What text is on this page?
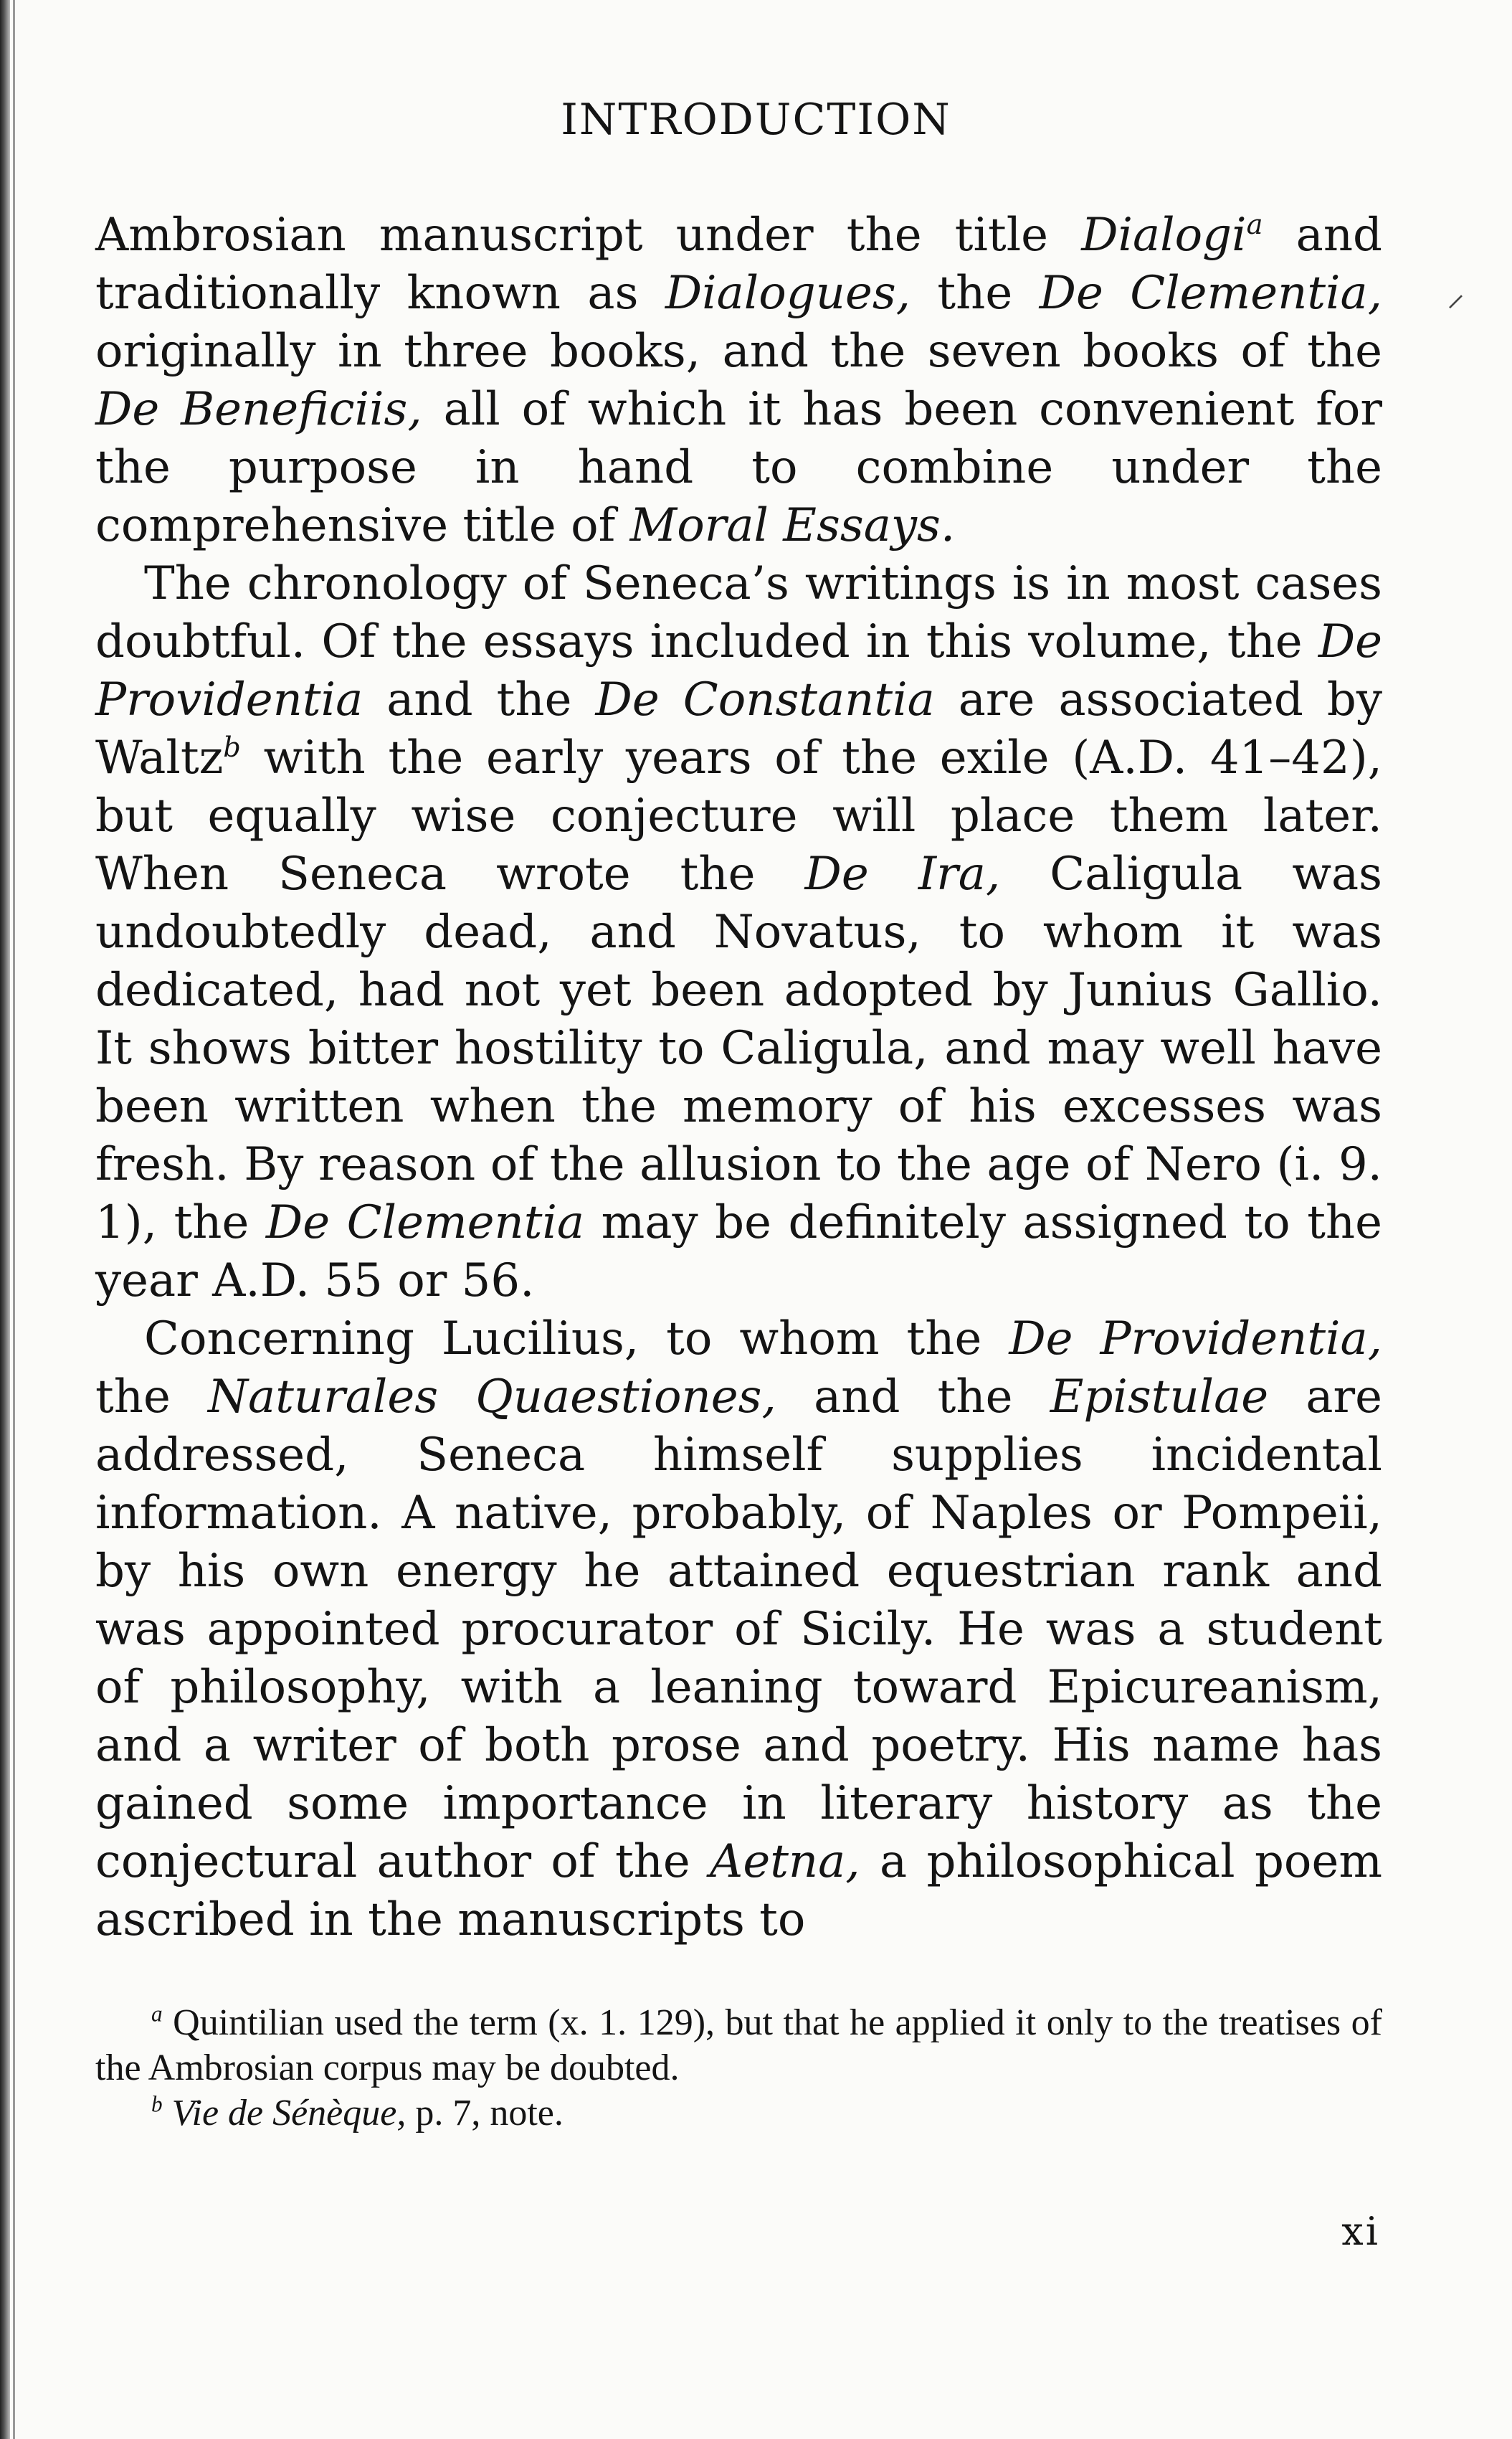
INTRODUCTION
⸝

Ambrosian manuscript under the title Dialogi$^a$ and traditionally known as Dialogues, the De Clementia, originally in three books, and the seven books of the De Beneficiis, all of which it has been convenient for the purpose in hand to combine under the comprehensive title of Moral Essays.

The chronology of Seneca’s writings is in most cases doubtful. Of the essays included in this volume, the De Providentia and the De Constantia are associated by Waltz$^b$ with the early years of the exile (A.D. 41–42), but equally wise conjecture will place them later. When Seneca wrote the De Ira, Caligula was undoubtedly dead, and Novatus, to whom it was dedicated, had not yet been adopted by Junius Gallio. It shows bitter hostility to Caligula, and may well have been written when the memory of his excesses was fresh. By reason of the allusion to the age of Nero (i. 9. 1), the De Clementia may be definitely assigned to the year A.D. 55 or 56.

Concerning Lucilius, to whom the De Providentia, the Naturales Quaestiones, and the Epistulae are addressed, Seneca himself supplies incidental information. A native, probably, of Naples or Pompeii, by his own energy he attained equestrian rank and was appointed procurator of Sicily. He was a student of philosophy, with a leaning toward Epicureanism, and a writer of both prose and poetry. His name has gained some importance in literary history as the conjectural author of the Aetna, a philosophical poem ascribed in the manuscripts to

$^a$ Quintilian used the term (x. 1. 129), but that he applied it only to the treatises of the Ambrosian corpus may be doubted.

$^b$ Vie de Sénèque, p. 7, note.

xi
